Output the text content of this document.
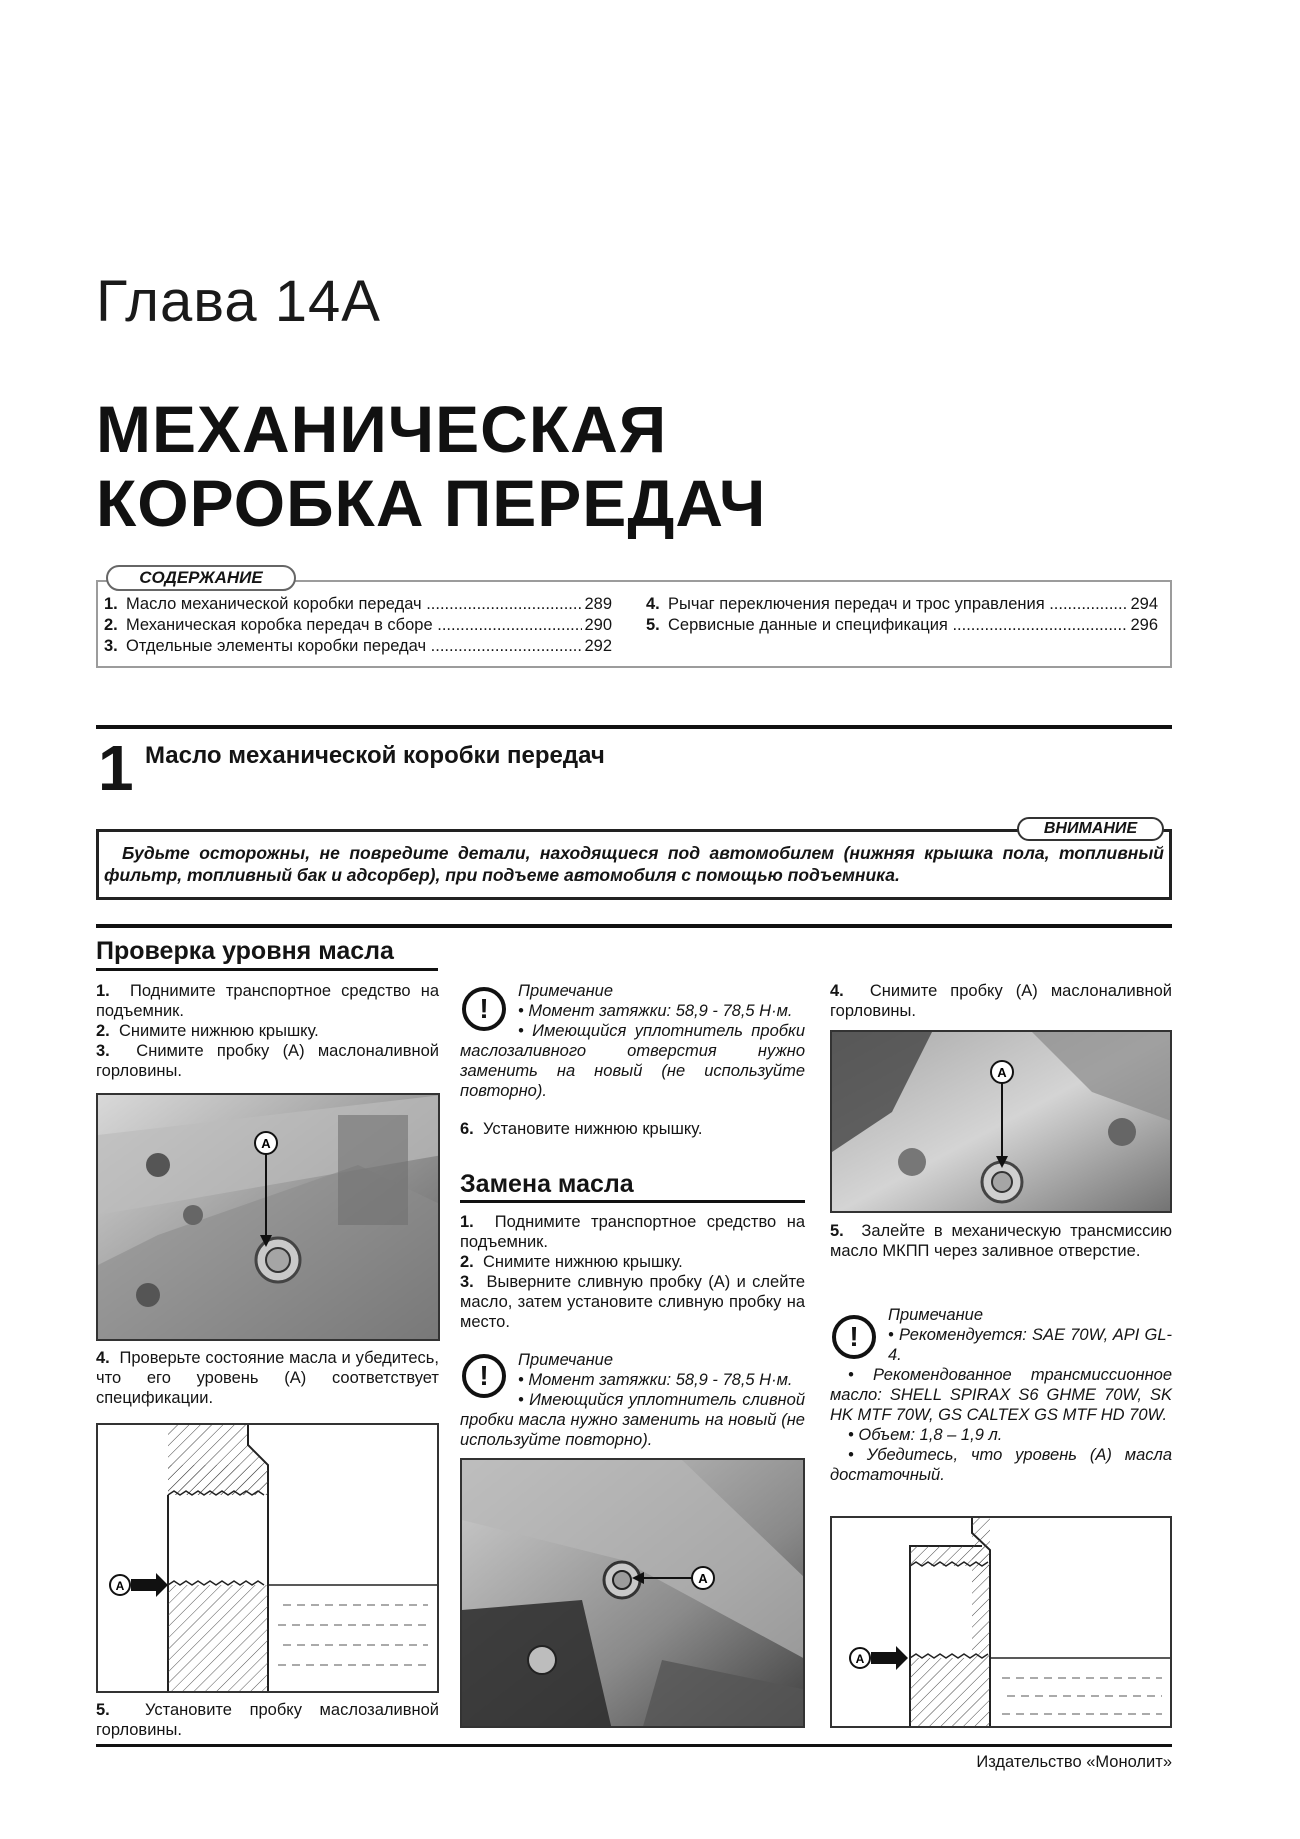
Глава 14А
МЕХАНИЧЕСКАЯ
КОРОБКА ПЕРЕДАЧ
1. Масло механической коробки передач .....	289
2. Механическая коробка передач в сборе .....	290
3. Отдельные элементы коробки передач .....	292
4. Рычаг переключения передач и трос управления .....	294
5. Сервисные данные и спецификация .....	296
СОДЕРЖАНИЕ
1 Масло механической коробки передач
ВНИМАНИЕ
Будьте осторожны, не повредите детали, находящиеся под автомобилем (нижняя крышка пола, топливный фильтр, топливный бак и адсорбер), при подъеме автомобиля с помощью подъемника.
Проверка уровня масла
1. Поднимите транспортное средство на подъемник.
2. Снимите нижнюю крышку.
3. Снимите пробку (А) маслоналивной горловины.
A
4. Проверьте состояние масла и убедитесь, что его уровень (А) соответствует спецификации.
A
5. Установите пробку маслозаливной горловины.
!
Примечание
• Момент затяжки: 58,9 - 78,5 Н·м.
• Имеющийся уплотнитель пробки маслозаливного отверстия нужно заменить на новый (не используйте повторно).
6. Установите нижнюю крышку.
Замена масла
1. Поднимите транспортное средство на подъемник.
2. Снимите нижнюю крышку.
3. Выверните сливную пробку (А) и слейте масло, затем установите сливную пробку на место.
!	Примечание
• Момент затяжки: 58,9 - 78,5 Н·м.
• Имеющийся уплотнитель сливной пробки масла нужно заменить на новый (не используйте повторно).
A
4. Снимите пробку (А) маслоналивной горловины.
A
5. Залейте в механическую трансмиссию масло МКПП через заливное отверстие.
!
Примечание
• Рекомендуется: SAE 70W, API GL-4.
• Рекомендованное трансмиссионное масло: SHELL SPIRAX S6 GHME 70W, SK HK MTF 70W, GS CALTEX GS MTF HD 70W.
• Объем: 1,8 – 1,9 л.
• Убедитесь, что уровень (А) масла достаточный.
A
Издательство «Монолит»
